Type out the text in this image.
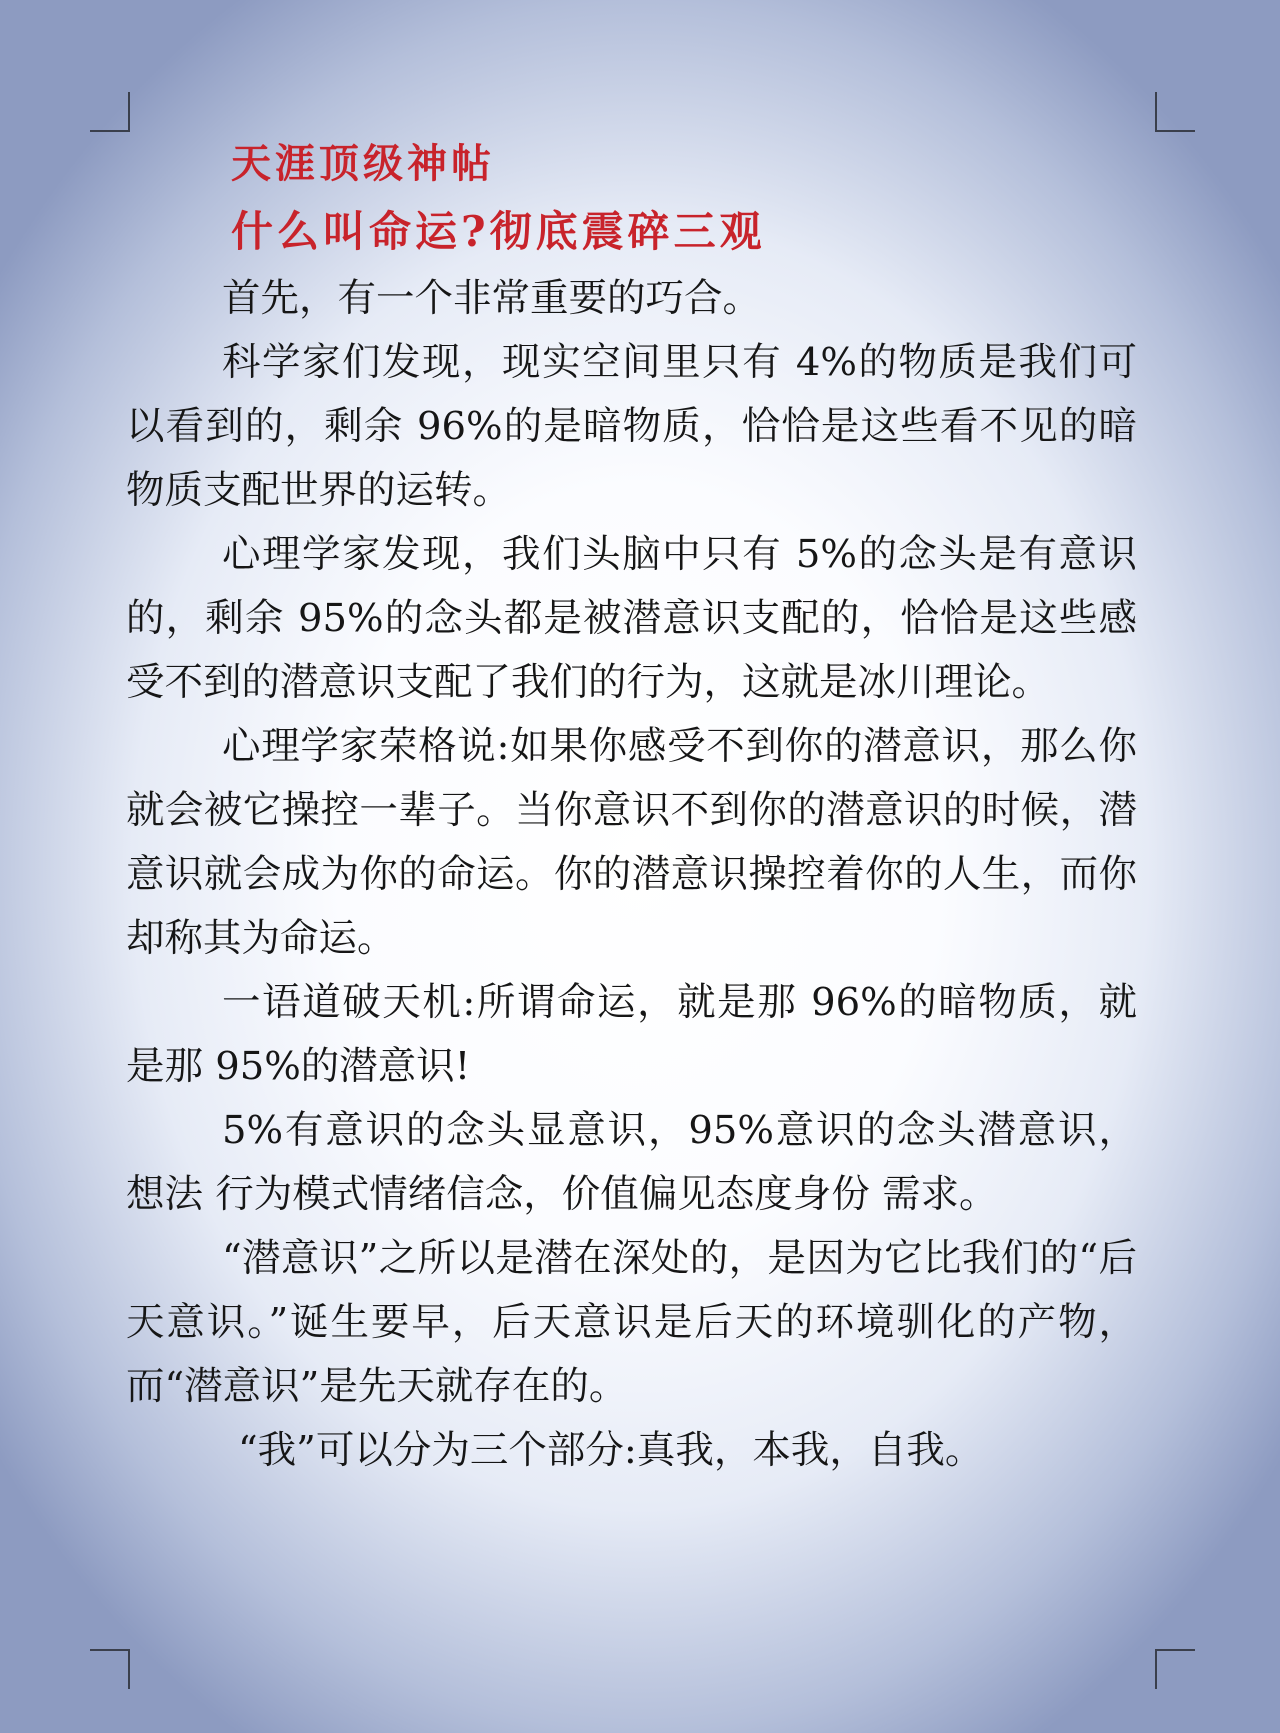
天涯顶级神帖
什么叫命运?彻底震碎三观

首先，有一个非常重要的巧合。

科学家们发现，现实空间里只有 4%的物质是我们可以看到的，剩余 96%的是暗物质，恰恰是这些看不见的暗物质支配世界的运转。

心理学家发现，我们头脑中只有 5%的念头是有意识的，剩余 95%的念头都是被潜意识支配的，恰恰是这些感受不到的潜意识支配了我们的行为，这就是冰川理论。

心理学家荣格说:如果你感受不到你的潜意识，那么你就会被它操控一辈子。当你意识不到你的潜意识的时候，潜意识就会成为你的命运。你的潜意识操控着你的人生，而你却称其为命运。

一语道破天机:所谓命运，就是那 96%的暗物质，就是那 95%的潜意识!

5%有意识的念头显意识，95%意识的念头潜意识，想法 行为模式情绪信念，价值偏见态度身份 需求。

“潜意识”之所以是潜在深处的，是因为它比我们的“后天意识。”诞生要早，后天意识是后天的环境驯化的产物，而“潜意识”是先天就存在的。

“我”可以分为三个部分:真我，本我，自我。
